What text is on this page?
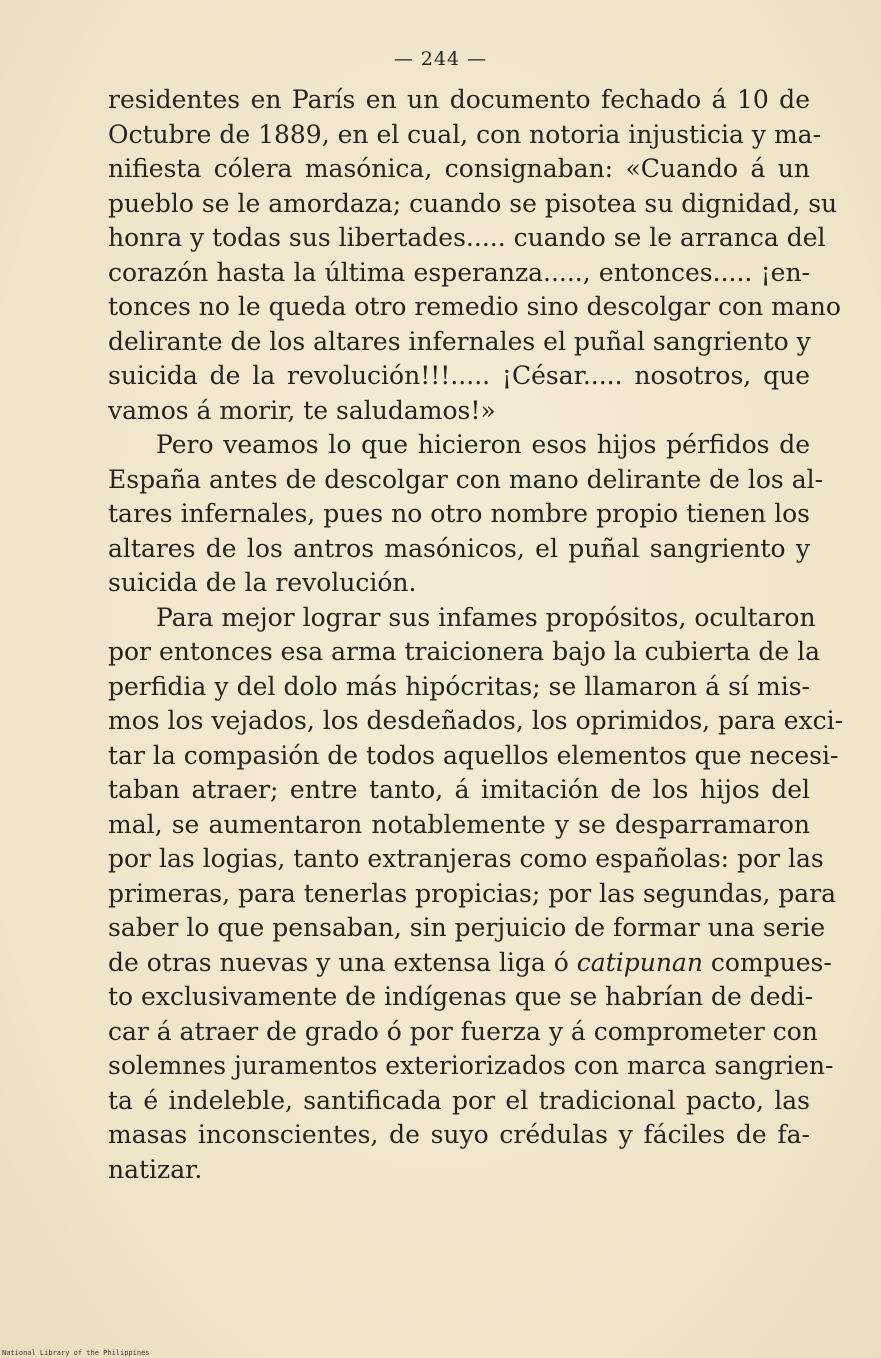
— 244 —
residentes en París en un documento fechado á 10 de
Octubre de 1889, en el cual, con notoria injusticia y ma-
nifiesta cólera masónica, consignaban: «Cuando á un
pueblo se le amordaza; cuando se pisotea su dignidad, su
honra y todas sus libertades..... cuando se le arranca del
corazón hasta la última esperanza....., entonces..... ¡en-
tonces no le queda otro remedio sino descolgar con mano
delirante de los altares infernales el puñal sangriento y
suicida de la revolución!!!..... ¡César..... nosotros, que
vamos á morir, te saludamos!»
Pero veamos lo que hicieron esos hijos pérfidos de
España antes de descolgar con mano delirante de los al-
tares infernales, pues no otro nombre propio tienen los
altares de los antros masónicos, el puñal sangriento y
suicida de la revolución.
Para mejor lograr sus infames propósitos, ocultaron
por entonces esa arma traicionera bajo la cubierta de la
perfidia y del dolo más hipócritas; se llamaron á sí mis-
mos los vejados, los desdeñados, los oprimidos, para exci-
tar la compasión de todos aquellos elementos que necesi-
taban atraer; entre tanto, á imitación de los hijos del
mal, se aumentaron notablemente y se desparramaron
por las logias, tanto extranjeras como españolas: por las
primeras, para tenerlas propicias; por las segundas, para
saber lo que pensaban, sin perjuicio de formar una serie
de otras nuevas y una extensa liga ó catipunan compues-
to exclusivamente de indígenas que se habrían de dedi-
car á atraer de grado ó por fuerza y á comprometer con
solemnes juramentos exteriorizados con marca sangrien-
ta é indeleble, santificada por el tradicional pacto, las
masas inconscientes, de suyo crédulas y fáciles de fa-
natizar.
National Library of the Philippines
